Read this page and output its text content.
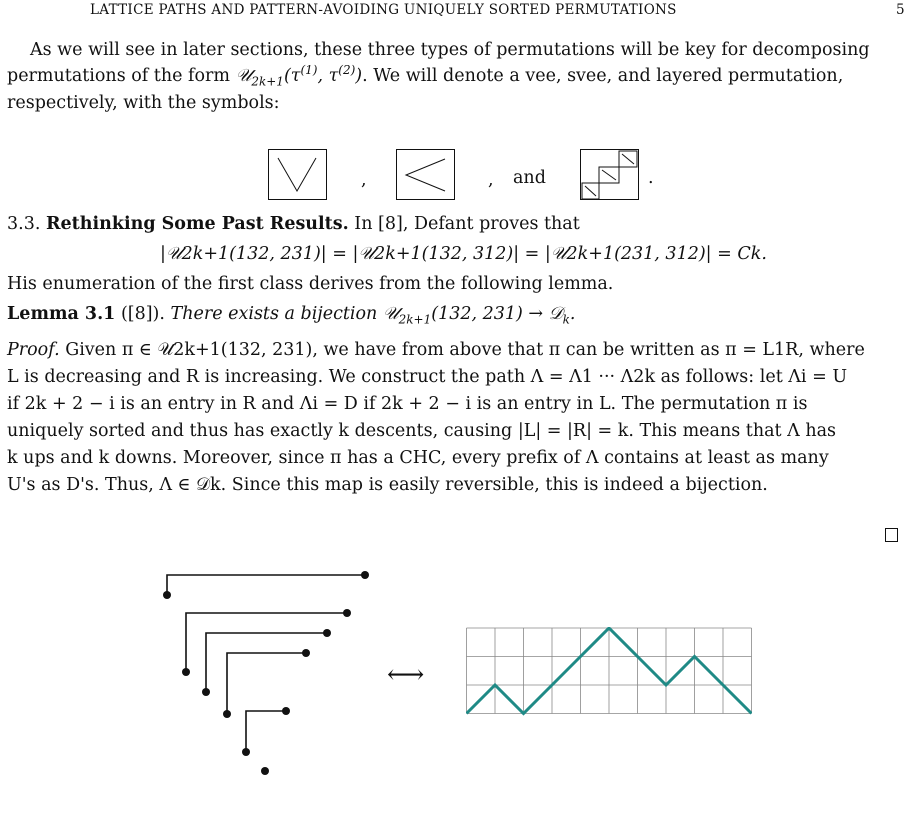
LATTICE PATHS AND PATTERN-AVOIDING UNIQUELY SORTED PERMUTATIONS	5
As we will see in later sections, these three types of permutations will be key for decomposing
permutations of the form $𝒰_{2k+1}(\tau^{(1)}$, $\tau^{(2)}$). We will denote a vee, svee, and layered permutation,
respectively, with the symbols:
,	, and	.
3.3. Rethinking Some Past Results. In [8], Defant proves that
|𝒰2k+1(132, 231)| = |𝒰2k+1(132, 312)| = |𝒰2k+1(231, 312)| = Ck.
His enumeration of the first class derives from the following lemma.
Lemma 3.1 ([8]). There exists a bijection 𝒰$_{2k+1}$(132, 231) → 𝒟$_k$.
Proof. Given π ∈ 𝒰2k+1(132, 231), we have from above that π can be written as π = L1R, where
L is decreasing and R is increasing. We construct the path Λ = Λ1 ··· Λ2k as follows: let Λi = U
if 2k + 2 − i is an entry in R and Λi = D if 2k + 2 − i is an entry in L. The permutation π is
uniquely sorted and thus has exactly k descents, causing |L| = |R| = k. This means that Λ has
k ups and k downs. Moreover, since π has a CHC, every prefix of Λ contains at least as many
U's as D's. Thus, Λ ∈ 𝒟k. Since this map is easily reversible, this is indeed a bijection.
⟷
